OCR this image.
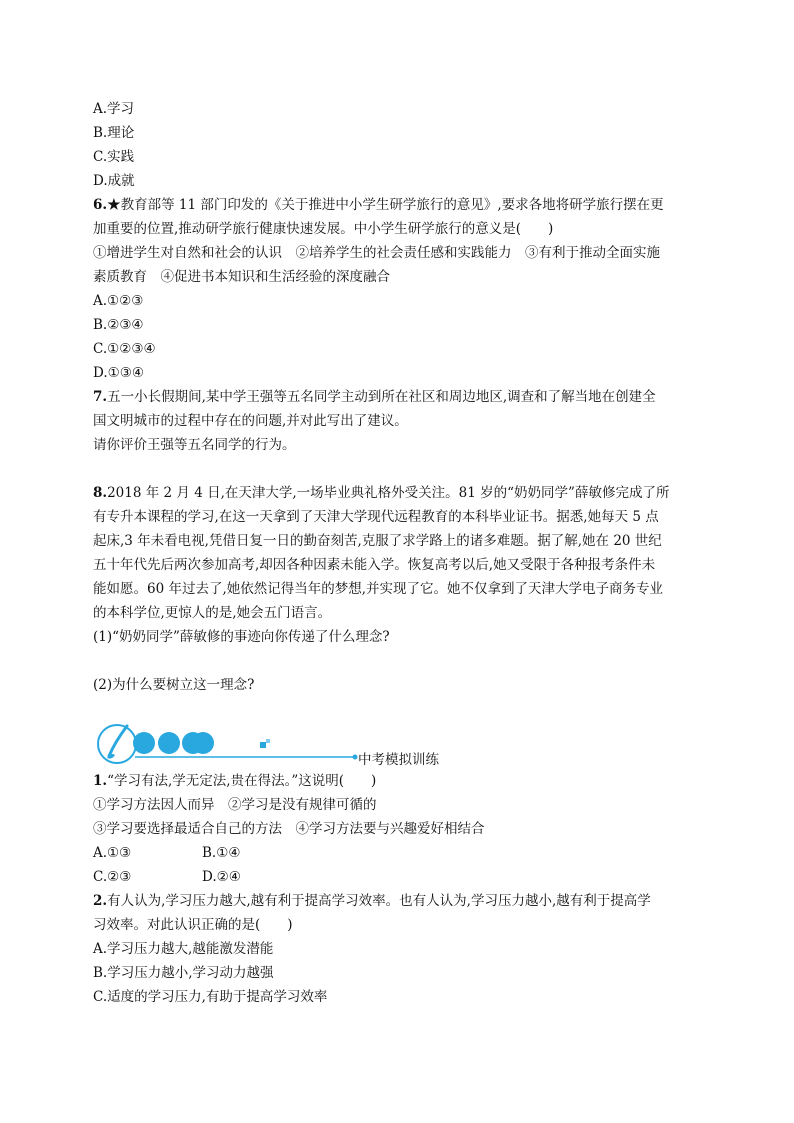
A.学习
B.理论
C.实践
D.成就
6.★教育部等 11 部门印发的《关于推进中小学生研学旅行的意见》,要求各地将研学旅行摆在更
加重要的位置,推动研学旅行健康快速发展。中小学生研学旅行的意义是(　　)
①增进学生对自然和社会的认识　②培养学生的社会责任感和实践能力　③有利于推动全面实施
素质教育　④促进书本知识和生活经验的深度融合
A.①②③
B.②③④
C.①②③④
D.①③④
7.五一小长假期间,某中学王强等五名同学主动到所在社区和周边地区,调查和了解当地在创建全
国文明城市的过程中存在的问题,并对此写出了建议。
请你评价王强等五名同学的行为。
8.2018 年 2 月 4 日,在天津大学,一场毕业典礼格外受关注。81 岁的“奶奶同学”薛敏修完成了所
有专升本课程的学习,在这一天拿到了天津大学现代远程教育的本科毕业证书。据悉,她每天 5 点
起床,3 年未看电视,凭借日复一日的勤奋刻苦,克服了求学路上的诸多难题。据了解,她在 20 世纪
五十年代先后两次参加高考,却因各种因素未能入学。恢复高考以后,她又受限于各种报考条件未
能如愿。60 年过去了,她依然记得当年的梦想,并实现了它。她不仅拿到了天津大学电子商务专业
的本科学位,更惊人的是,她会五门语言。
(1)“奶奶同学”薛敏修的事迹向你传递了什么理念?
(2)为什么要树立这一理念?
中考模拟训练
1.“学习有法,学无定法,贵在得法。”这说明(　　)
①学习方法因人而异　②学习是没有规律可循的
③学习要选择最适合自己的方法　④学习方法要与兴趣爱好相结合
A.①③	B.①④
C.②③	D.②④
2.有人认为,学习压力越大,越有利于提高学习效率。也有人认为,学习压力越小,越有利于提高学
习效率。对此认识正确的是(　　)
A.学习压力越大,越能激发潜能
B.学习压力越小,学习动力越强
C.适度的学习压力,有助于提高学习效率
